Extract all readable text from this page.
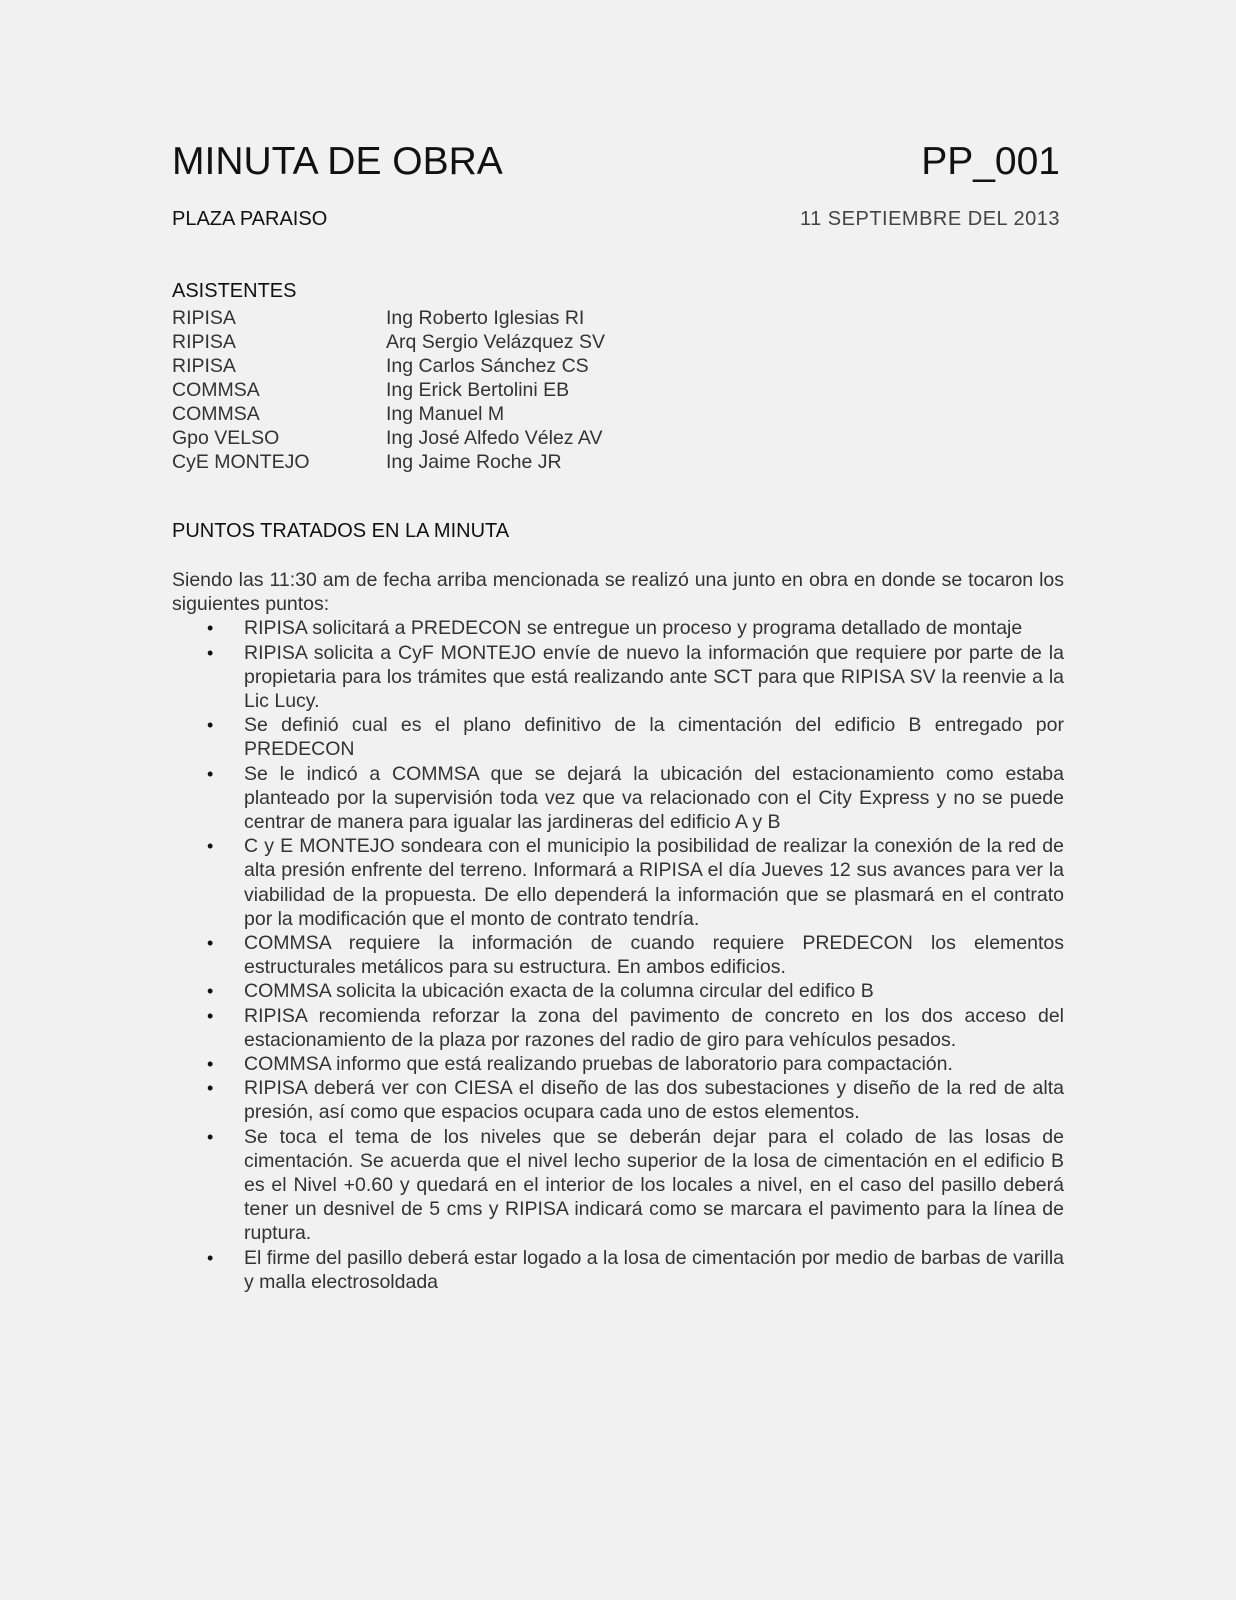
MINUTA DE OBRA	PP_001
PLAZA PARAISO	11 SEPTIEMBRE DEL 2013
ASISTENTES
RIPISA	Ing Roberto Iglesias RI
RIPISA	Arq Sergio Velázquez SV
RIPISA	Ing Carlos Sánchez CS
COMMSA	Ing Erick Bertolini EB
COMMSA	Ing Manuel M
Gpo VELSO	Ing José Alfedo Vélez AV
CyE MONTEJO	Ing Jaime Roche JR
PUNTOS TRATADOS EN LA MINUTA

Siendo las 11:30 am de fecha arriba mencionada se realizó una junto en obra en donde se tocaron los siguientes puntos:

• RIPISA solicitará a PREDECON se entregue un proceso y programa detallado de montaje
• RIPISA solicita a CyF MONTEJO envíe de nuevo la información que requiere por parte de la propietaria para los trámites que está realizando ante SCT para que RIPISA SV la reenvie a la Lic Lucy.
• Se definió cual es el plano definitivo de la cimentación del edificio B entregado por PREDECON
• Se le indicó a COMMSA que se dejará la ubicación del estacionamiento como estaba planteado por la supervisión toda vez que va relacionado con el City Express y no se puede centrar de manera para igualar las jardineras del edificio A y B
• C y E MONTEJO sondeara con el municipio la posibilidad de realizar la conexión de la red de alta presión enfrente del terreno. Informará a RIPISA el día Jueves 12 sus avances para ver la viabilidad de la propuesta. De ello dependerá la información que se plasmará en el contrato por la modificación que el monto de contrato tendría.
• COMMSA requiere la información de cuando requiere PREDECON los elementos estructurales metálicos para su estructura. En ambos edificios.
• COMMSA solicita la ubicación exacta de la columna circular del edifico B
• RIPISA recomienda reforzar la zona del pavimento de concreto en los dos acceso del estacionamiento de la plaza por razones del radio de giro para vehículos pesados.
• COMMSA informo que está realizando pruebas de laboratorio para compactación.
• RIPISA deberá ver con CIESA el diseño de las dos subestaciones y diseño de la red de alta presión, así como que espacios ocupara cada uno de estos elementos.
• Se toca el tema de los niveles que se deberán dejar para el colado de las losas de cimentación. Se acuerda que el nivel lecho superior de la losa de cimentación en el edificio B es el Nivel +0.60 y quedará en el interior de los locales a nivel, en el caso del pasillo deberá tener un desnivel de 5 cms y RIPISA indicará como se marcara el pavimento para la línea de ruptura.
• El firme del pasillo deberá estar logado a la losa de cimentación por medio de barbas de varilla y malla electrosoldada
